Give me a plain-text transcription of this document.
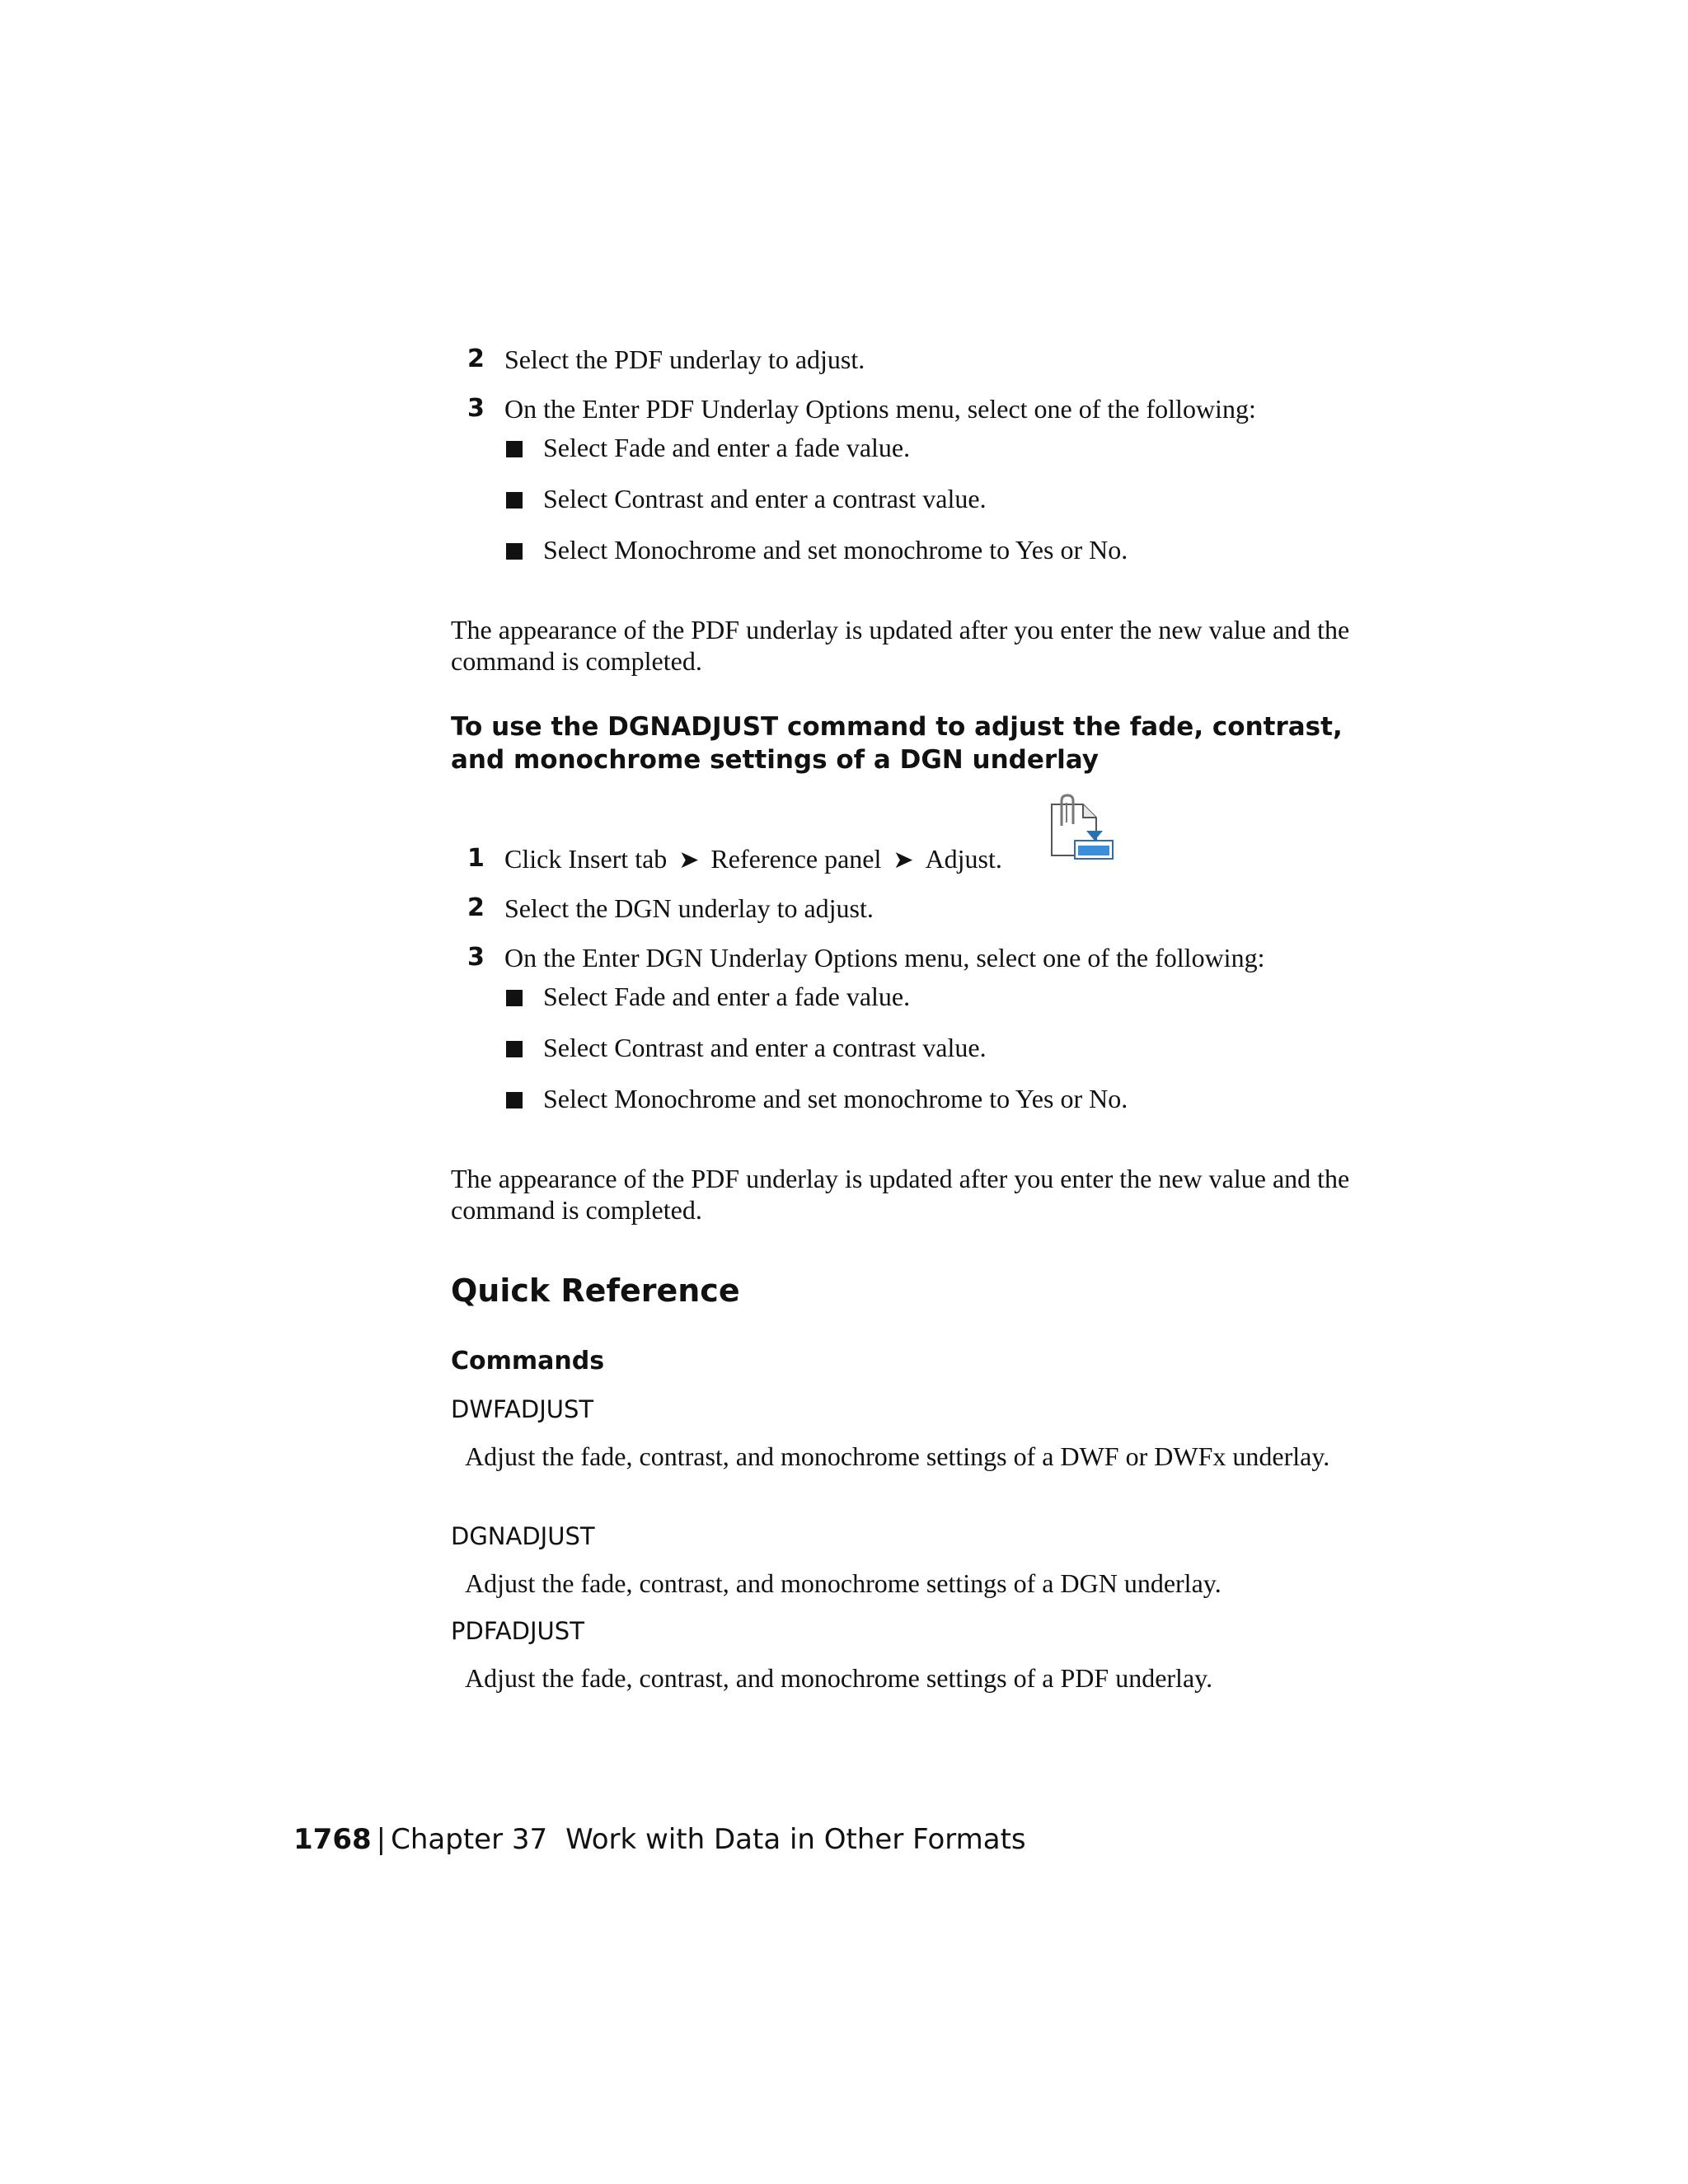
2 Select the PDF underlay to adjust.
3 On the Enter PDF Underlay Options menu, select one of the following:
Select Fade and enter a fade value.
Select Contrast and enter a contrast value.
Select Monochrome and set monochrome to Yes or No.
The appearance of the PDF underlay is updated after you enter the new value and the command is completed.
To use the DGNADJUST command to adjust the fade, contrast, and monochrome settings of a DGN underlay
1 Click Insert tab ➤ Reference panel ➤ Adjust.
2 Select the DGN underlay to adjust.
3 On the Enter DGN Underlay Options menu, select one of the following:
Select Fade and enter a fade value.
Select Contrast and enter a contrast value.
Select Monochrome and set monochrome to Yes or No.
The appearance of the PDF underlay is updated after you enter the new value and the command is completed.
Quick Reference
Commands
DWFADJUST
Adjust the fade, contrast, and monochrome settings of a DWF or DWFx underlay.
DGNADJUST
Adjust the fade, contrast, and monochrome settings of a DGN underlay.
PDFADJUST
Adjust the fade, contrast, and monochrome settings of a PDF underlay.
1768 | Chapter 37 Work with Data in Other Formats
